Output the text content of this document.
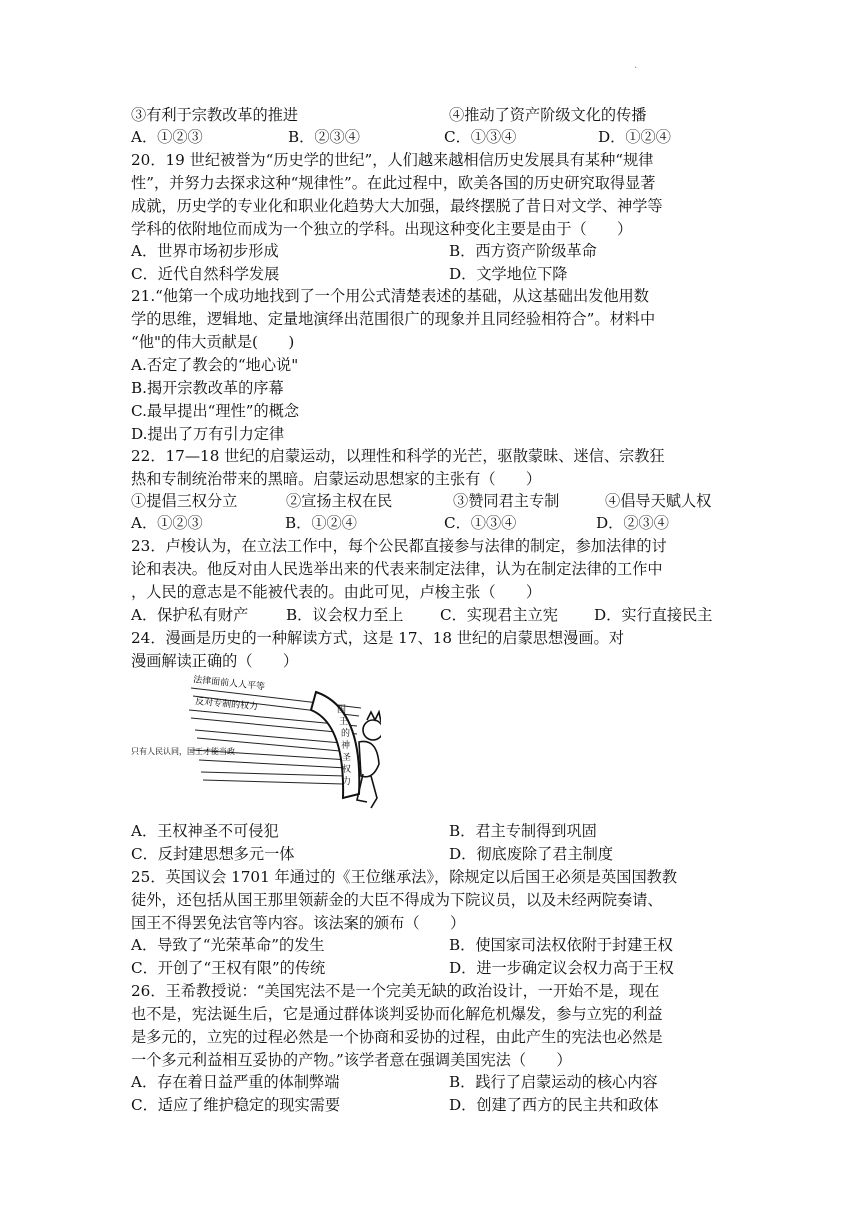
.
③有利于宗教改革的推进	④推动了资产阶级文化的传播
A．①②③	B．②③④	C．①③④	D．①②④
20．19 世纪被誉为“历史学的世纪”，人们越来越相信历史发展具有某种“规律
性”，并努力去探求这种“规律性”。在此过程中，欧美各国的历史研究取得显著
成就，历史学的专业化和职业化趋势大大加强，最终摆脱了昔日对文学、神学等
学科的依附地位而成为一个独立的学科。出现这种变化主要是由于（　　）
A．世界市场初步形成	B．西方资产阶级革命
C．近代自然科学发展	D．文学地位下降
21.“他第一个成功地找到了一个用公式清楚表述的基础，从这基础出发他用数
学的思维，逻辑地、定量地演绎出范围很广的现象并且同经验相符合”。材料中
“他"的伟大贡献是(　　)
A.否定了教会的“地心说"
B.揭开宗教改革的序幕
C.最早提出“理性”的概念
D.提出了万有引力定律
22．17—18 世纪的启蒙运动，以理性和科学的光芒，驱散蒙昧、迷信、宗教狂
热和专制统治带来的黑暗。启蒙运动思想家的主张有（　　）
①提倡三权分立	②宣扬主权在民	③赞同君主专制	④倡导天赋人权
A．①②③	B．①②④	C．①③④	D．②③④
23．卢梭认为，在立法工作中，每个公民都直接参与法律的制定，参加法律的讨
论和表决。他反对由人民选举出来的代表来制定法律，认为在制定法律的工作中
，人民的意志是不能被代表的。由此可见，卢梭主张（　　）
A．保护私有财产 B．议会权力至上 C．实现君主立宪 D．实行直接民主
24．漫画是历史的一种解读方式，这是 17、18 世纪的启蒙思想漫画。对
漫画解读正确的（　　）
法律面前人人平等
反对专制的权力
只有人民认同，国王才能当政
国
王
的
神
圣
权
力
A．王权神圣不可侵犯	B．君主专制得到巩固
C．反封建思想多元一体	D．彻底废除了君主制度
25．英国议会 1701 年通过的《王位继承法》，除规定以后国王必须是英国国教教
徒外，还包括从国王那里领薪金的大臣不得成为下院议员，以及未经两院奏请、
国王不得罢免法官等内容。该法案的颁布（　　）
A．导致了“光荣革命”的发生	B．使国家司法权依附于封建王权
C．开创了“王权有限”的传统	D．进一步确定议会权力高于王权
26．王希教授说：“美国宪法不是一个完美无缺的政治设计，一开始不是，现在
也不是，宪法诞生后，它是通过群体谈判妥协而化解危机爆发，参与立宪的利益
是多元的，立宪的过程必然是一个协商和妥协的过程，由此产生的宪法也必然是
一个多元利益相互妥协的产物。”该学者意在强调美国宪法（　　）
A．存在着日益严重的体制弊端	B．践行了启蒙运动的核心内容
C．适应了维护稳定的现实需要	D．创建了西方的民主共和政体
